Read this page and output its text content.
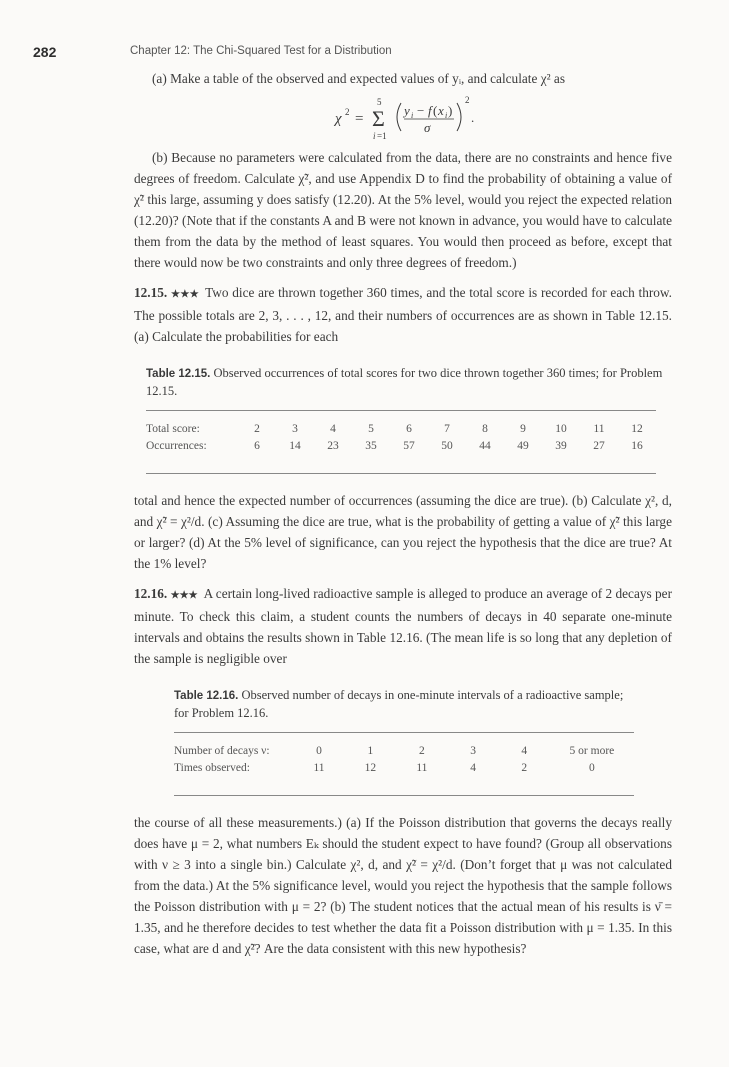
282	Chapter 12: The Chi-Squared Test for a Distribution

(a) Make a table of the observed and expected values of yᵢ, and calculate χ² as

χ 2 = Σ
5
i =1
y i − f ( x i )
σ
2
.

(b) Because no parameters were calculated from the data, there are no constraints and hence five degrees of freedom. Calculate χ̃², and use Appendix D to find the probability of obtaining a value of χ̃² this large, assuming y does satisfy (12.20). At the 5% level, would you reject the expected relation (12.20)? (Note that if the constants A and B were not known in advance, you would have to calculate them from the data by the method of least squares. You would then proceed as before, except that there would now be two constraints and only three degrees of freedom.)

12.15. ★★★ Two dice are thrown together 360 times, and the total score is recorded for each throw. The possible totals are 2, 3, . . . , 12, and their numbers of occurrences are as shown in Table 12.15. (a) Calculate the probabilities for each

Table 12.15. Observed occurrences of total scores for two dice thrown together 360 times; for Problem 12.15.

Total score:	2	3	4	5	6	7	8	9	10	11	12
Occurrences:	6	14	23	35	57	50	44	49	39	27	16

total and hence the expected number of occurrences (assuming the dice are true). (b) Calculate χ², d, and χ̃² = χ²/d. (c) Assuming the dice are true, what is the probability of getting a value of χ̃² this large or larger? (d) At the 5% level of significance, can you reject the hypothesis that the dice are true? At the 1% level?

12.16. ★★★ A certain long-lived radioactive sample is alleged to produce an average of 2 decays per minute. To check this claim, a student counts the numbers of decays in 40 separate one-minute intervals and obtains the results shown in Table 12.16. (The mean life is so long that any depletion of the sample is negligible over

Table 12.16. Observed number of decays in one-minute intervals of a radioactive sample; for Problem 12.16.

Number of decays ν:	0	1	2	3	4	5 or more
Times observed:	11	12	11	4	2	0

the course of all these measurements.) (a) If the Poisson distribution that governs the decays really does have μ = 2, what numbers Eₖ should the student expect to have found? (Group all observations with ν ≥ 3 into a single bin.) Calculate χ², d, and χ̃² = χ²/d. (Don’t forget that μ was not calculated from the data.) At the 5% significance level, would you reject the hypothesis that the sample follows the Poisson distribution with μ = 2? (b) The student notices that the actual mean of his results is ν̄ = 1.35, and he therefore decides to test whether the data fit a Poisson distribution with μ = 1.35. In this case, what are d and χ̃²? Are the data consistent with this new hypothesis?
